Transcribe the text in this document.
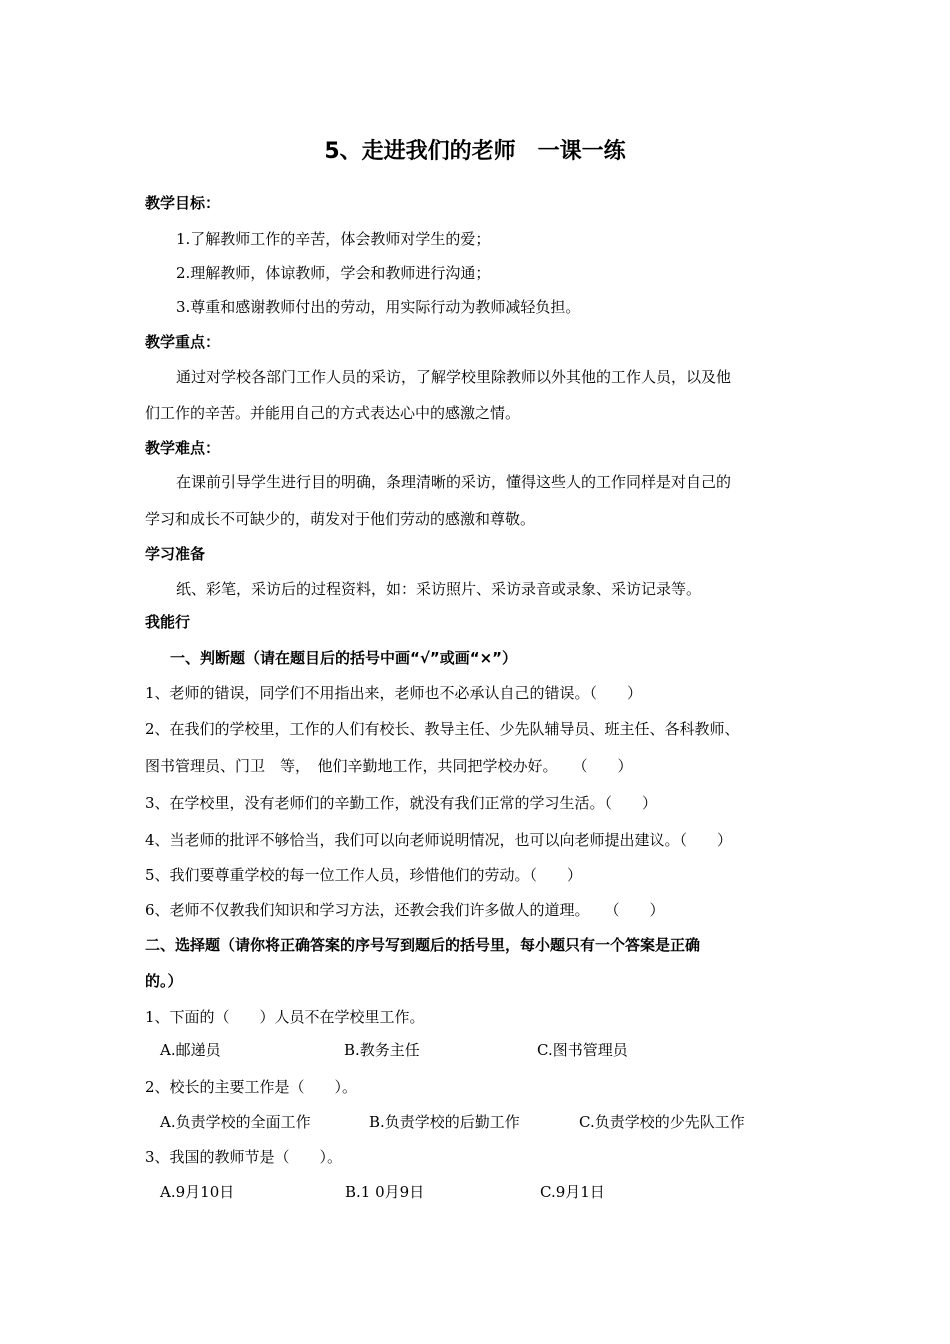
5、走进我们的老师　一课一练
教学目标：
1.了解教师工作的辛苦，体会教师对学生的爱；
2.理解教师，体谅教师，学会和教师进行沟通；
3.尊重和感谢教师付出的劳动，用实际行动为教师减轻负担。
教学重点：
通过对学校各部门工作人员的采访，了解学校里除教师以外其他的工作人员，以及他
们工作的辛苦。并能用自己的方式表达心中的感激之情。
教学难点：
在课前引导学生进行目的明确，条理清晰的采访，懂得这些人的工作同样是对自己的
学习和成长不可缺少的，萌发对于他们劳动的感激和尊敬。
学习准备
纸、彩笔，采访后的过程资料，如：采访照片、采访录音或录象、采访记录等。
我能行
一、判断题（请在题目后的括号中画“√”或画“×”）
1、老师的错误，同学们不用指出来，老师也不必承认自己的错误。（　　）
2、在我们的学校里，工作的人们有校长、教导主任、少先队辅导员、班主任、各科教师、
图书管理员、门卫　等，　他们辛勤地工作，共同把学校办好。　　（　　）
3、在学校里，没有老师们的辛勤工作，就没有我们正常的学习生活。（　　）
4、当老师的批评不够恰当，我们可以向老师说明情况，也可以向老师提出建议。（　　）
5、我们要尊重学校的每一位工作人员，珍惜他们的劳动。（　　）
6、老师不仅教我们知识和学习方法，还教会我们许多做人的道理。　　（　　）
二、选择题（请你将正确答案的序号写到题后的括号里，每小题只有一个答案是正确
的。）
1、下面的（　　）人员不在学校里工作。
A.邮递员	B.教务主任	C.图书管理员
2、校长的主要工作是（　　）。
A.负责学校的全面工作	B.负责学校的后勤工作	C.负责学校的少先队工作
3、我国的教师节是（　　）。
A.9月10日	B.1 0月9日	C.9月1日
